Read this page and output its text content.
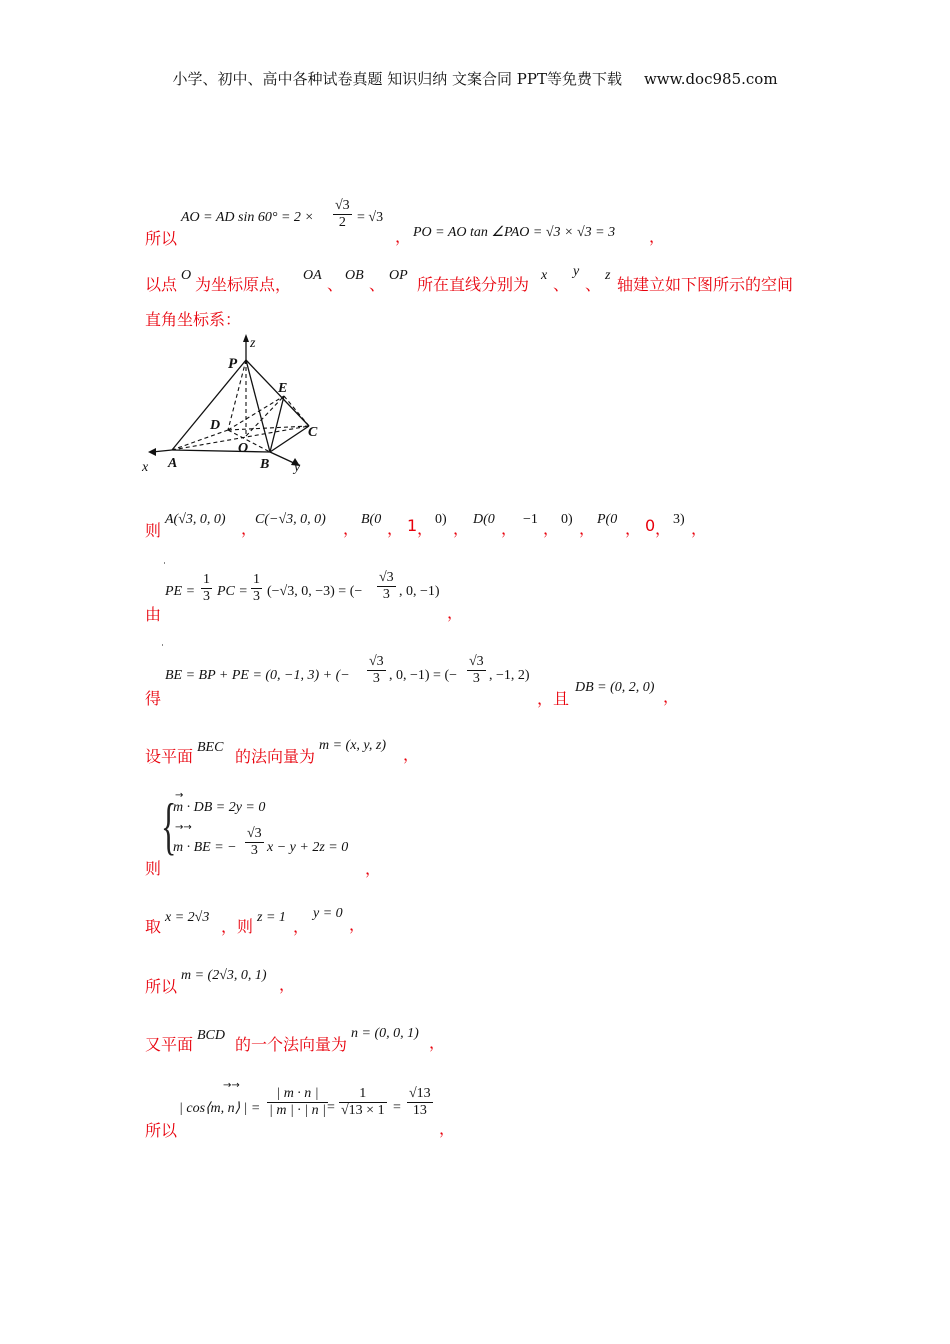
小学、初中、高中各种试卷真题 知识归纳 文案合同 PPT等免费下载 www.doc985.com
所以
AO = AD $\sin 60^\circ = 2 \times \frac{√3}{2} = √3$
， PO = AO tan ∠PAO = √3 × √3 = 3 ，
以点 O 为坐标原点， OA 、 OB 、 OP 所在直线分别为 x 、
y
、 z 轴建立如下图所示的空间
直角坐标系：
P
z
E
D	C
O
A	B
x	y
则
A(√3, 0, 0) ，
C(−√3, 0, 0) ， B(0 ， 1 ， 0) ， D(0 ， −1 ， 0) ， P(0 ， 0 ， 3) ，
˙
由
PE = $\frac{1}{3}$ PC = $\frac{1}{3} (-√3$, 0, −3) = (− $\frac{√3}{3}$ , 0, −1)
，
˙
得
BE = BP + PE = (0, −1, 3) + (− $\frac{√3}{3}$ , 0, −1) = (− $\frac{√3}{3}$ , −1, 2)
，且
DB = (0, 2, 0) ，
设平面 BEC 的法向量为
m = (x, y, z) ，
则
{
→
m · DB = 2y = 0
→→
m · BE = − $\frac{√3}{3}$ x − y + 2z = 0
，
取 x = 2√3 ，则 z = 1 ，
y = 0
，
所以
m = (2√3, 0, 1) ，
又平面 BCD 的一个法向量为
n = (0, 0, 1) ，
→→
所以
| cos⟨m, n⟩ | = $\frac{| m \cdot n |}{| m | \cdot | n |}$
= $\frac{1}{√13 \times 1} = \frac{√13}{13}$
，
